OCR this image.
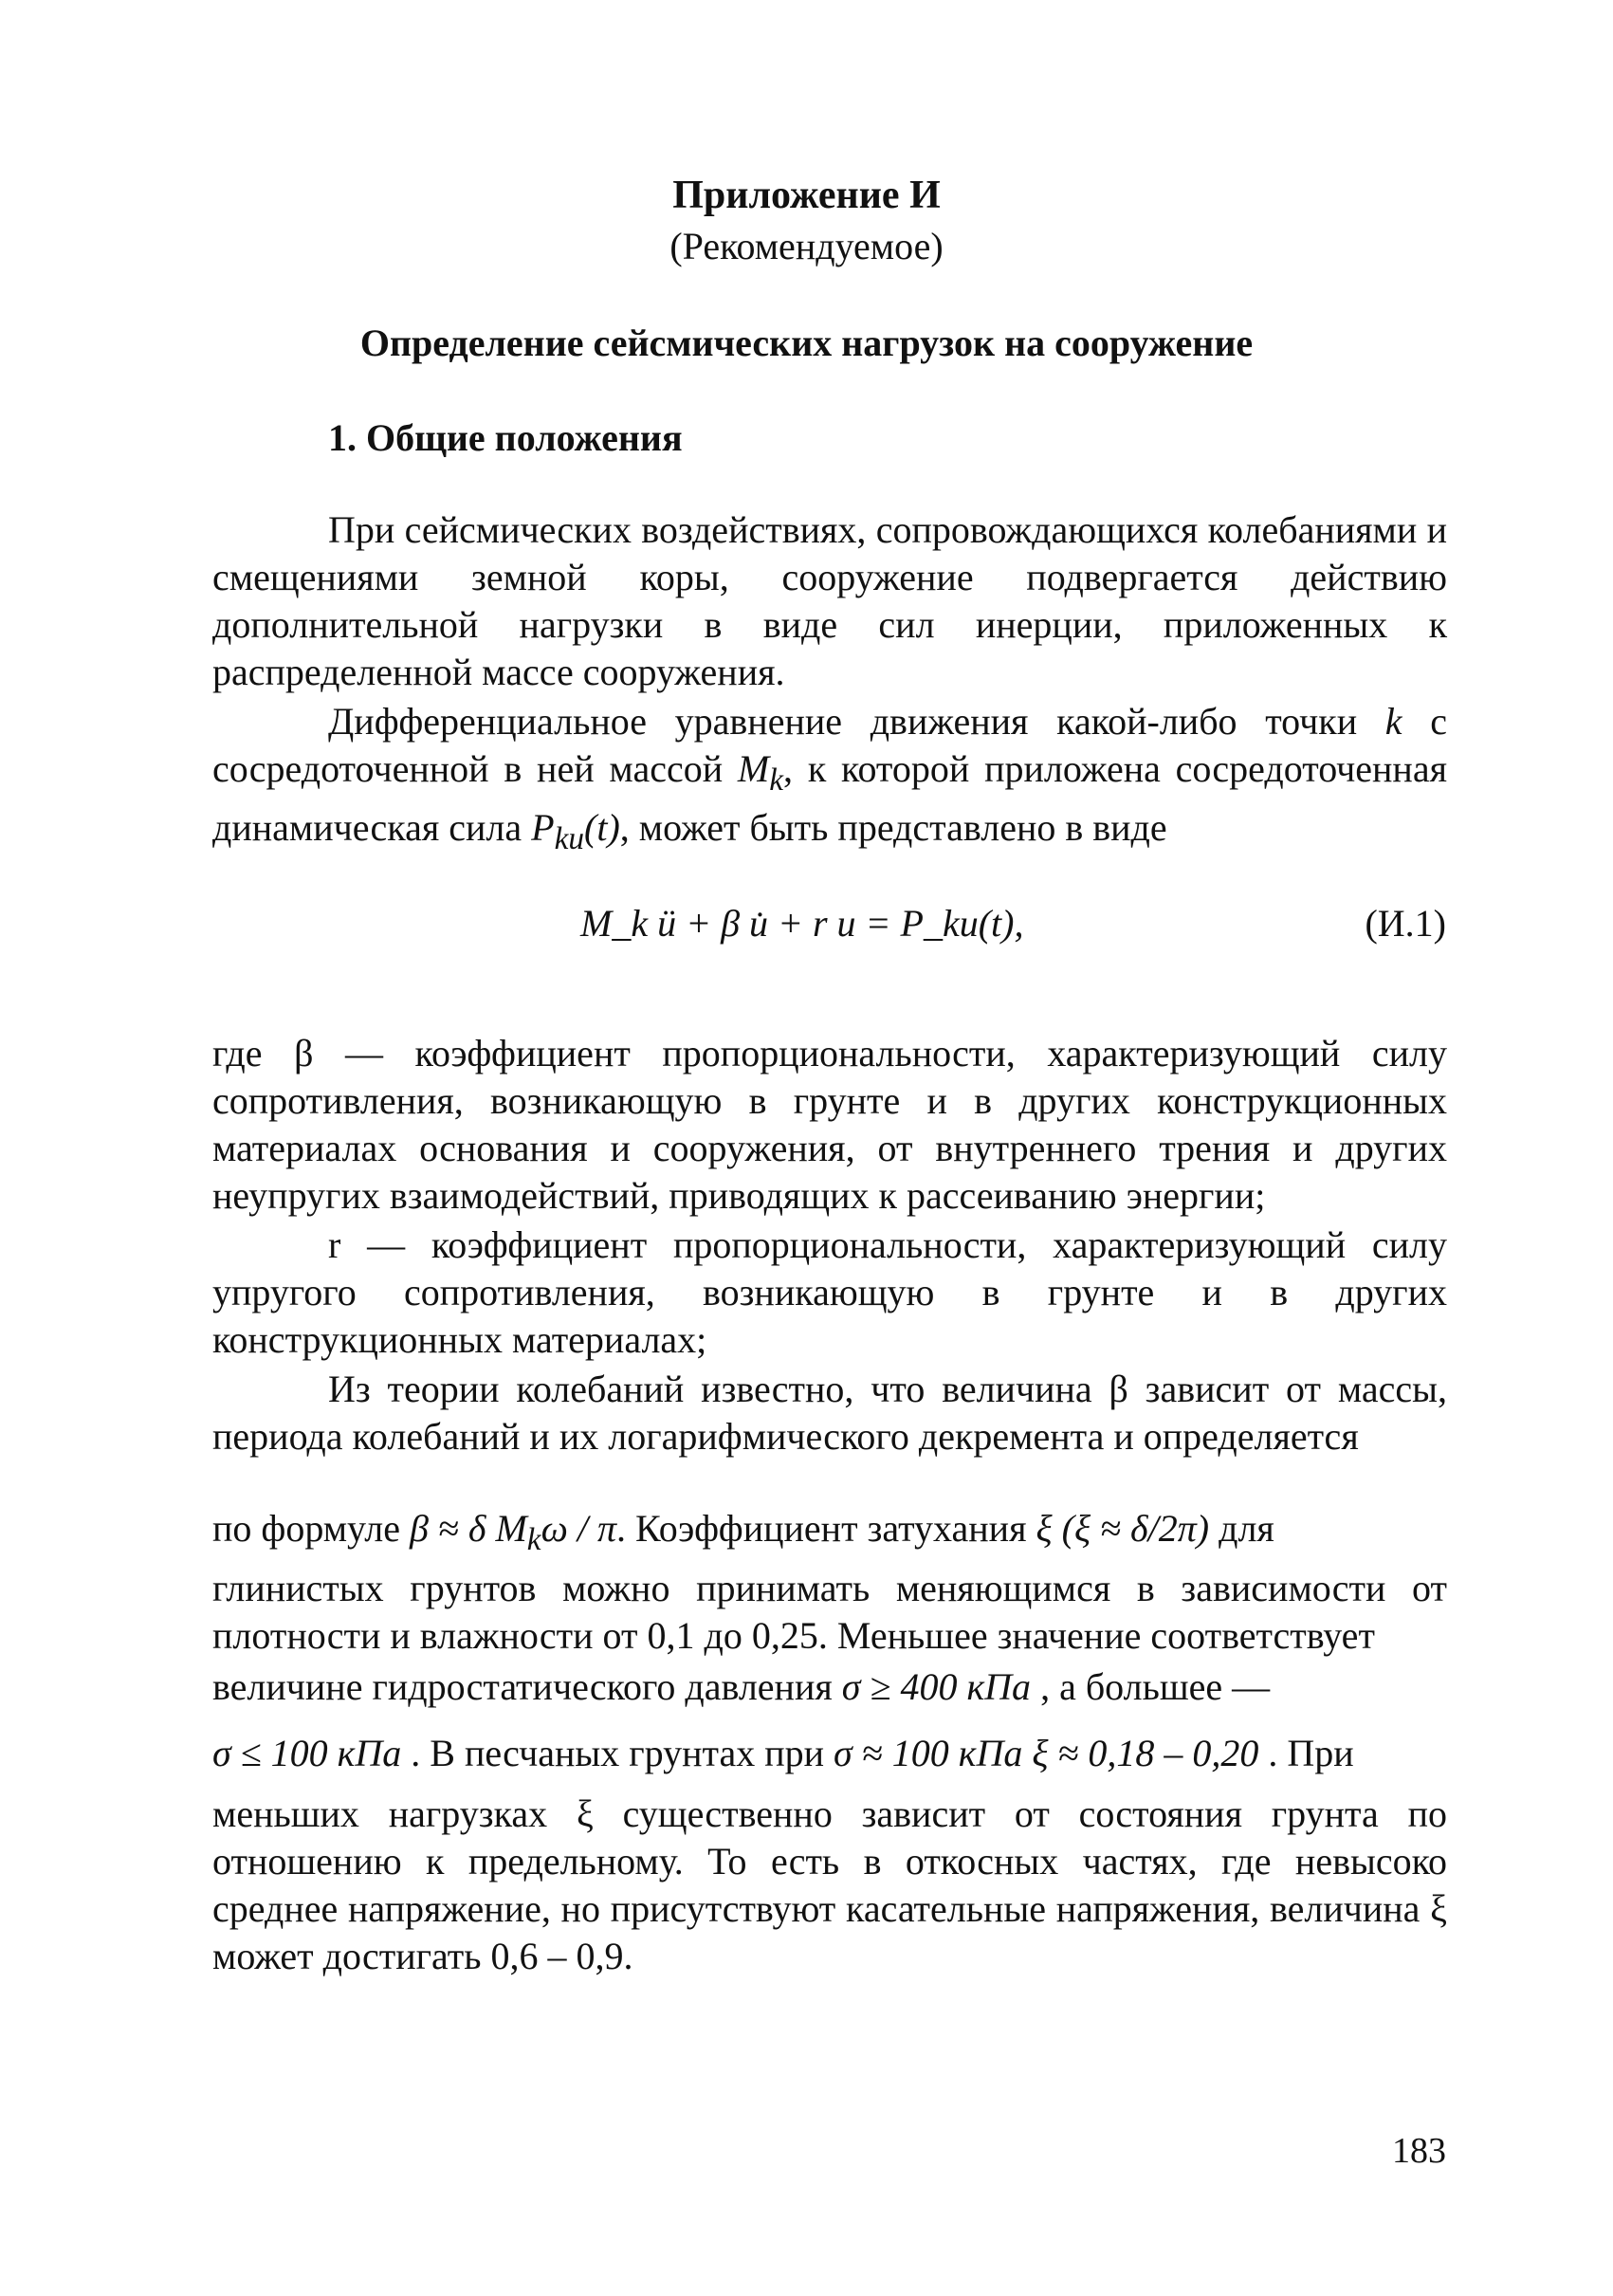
Приложение И
(Рекомендуемое)
Определение сейсмических нагрузок на сооружение
1. Общие положения
При сейсмических воздействиях, сопровождающихся колебаниями и смещениями земной коры, сооружение подвергается действию дополнительной нагрузки в виде сил инерции, приложенных к распределенной массе сооружения.
Дифференциальное уравнение движения какой-либо точки k с сосредоточенной в ней массой $M_k$, к которой приложена сосредоточенная динамическая сила $P_{ku}(t)$, может быть представлено в виде
M_k ü + β u̇ + r u = P_ku(t),	(И.1)
где β — коэффициент пропорциональности, характеризующий силу сопротивления, возникающую в грунте и в других конструкционных материалах основания и сооружения, от внутреннего трения и других неупругих взаимодействий, приводящих к рассеиванию энергии;
r — коэффициент пропорциональности, характеризующий силу упругого сопротивления, возникающую в грунте и в других конструкционных материалах;
Из теории колебаний известно, что величина β зависит от массы, периода колебаний и их логарифмического декремента и определяется
по формуле β ≈ δ $M_k\omega$ / π. Коэффициент затухания ξ (ξ ≈ δ/2π) для
глинистых грунтов можно принимать меняющимся в зависимости от плотности и влажности от 0,1 до 0,25. Меньшее значение соответствует
величине гидростатического давления σ ≥ 400 кПа , а большее —
σ ≤ 100 кПа . В песчаных грунтах при σ ≈ 100 кПа ξ ≈ 0,18 – 0,20 . При
меньших нагрузках ξ существенно зависит от состояния грунта по отношению к предельному. То есть в откосных частях, где невысоко среднее напряжение, но присутствуют касательные напряжения, величина ξ может достигать 0,6 – 0,9.
183
